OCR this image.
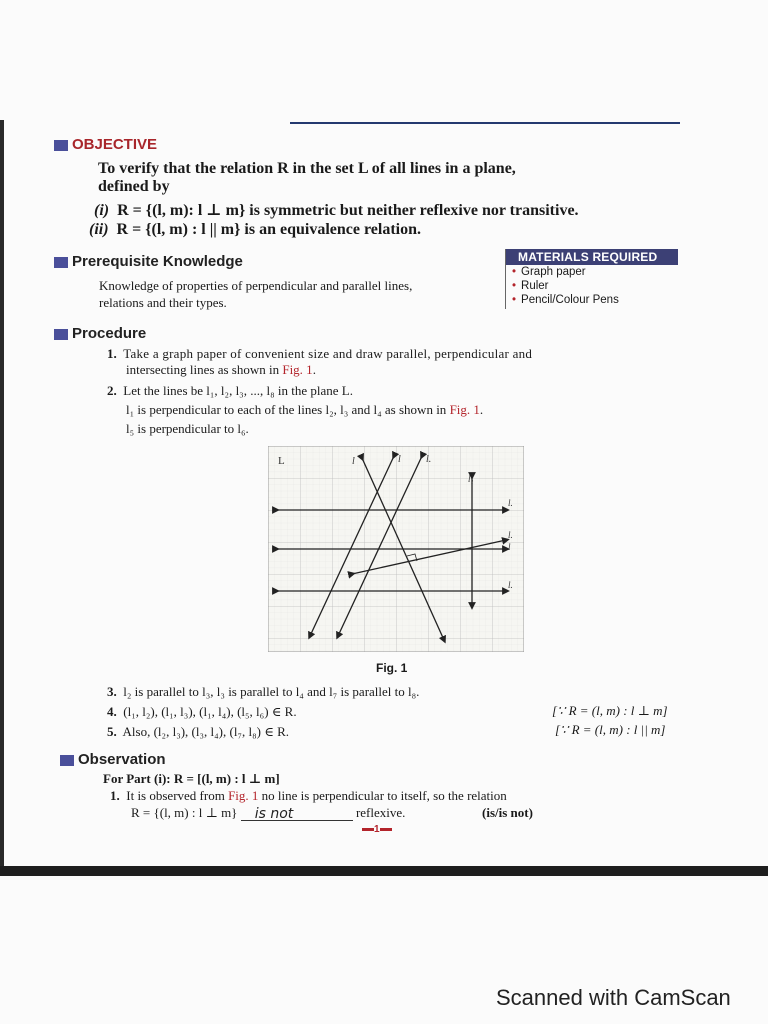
OBJECTIVE
To verify that the relation R in the set L of all lines in a plane,
defined by
(i) R = {(l, m): l ⊥ m} is symmetric but neither reflexive nor transitive.
(ii) R = {(l, m) : l || m} is an equivalence relation.
Prerequisite Knowledge
Knowledge of properties of perpendicular and parallel lines,
relations and their types.
MATERIALS REQUIRED
• Graph paper
• Ruler
• Pencil/Colour Pens
Procedure
1. Take a graph paper of convenient size and draw parallel, perpendicular and
intersecting lines as shown in Fig. 1.
2. Let the lines be l₁, l₂, l₃, ..., l₈ in the plane L.
l₁ is perpendicular to each of the lines l₂, l₃ and l₄ as shown in Fig. 1.
l₅ is perpendicular to l₆.
L	l	l	l.
l₁
l.
l.
l
l.
Fig. 1
3. l₂ is parallel to l₃, l₃ is parallel to l₄ and l₇ is parallel to l₈.
4. (l₁, l₂), (l₁, l₃), (l₁, l₄), (l₅, l₆) ∈ R.	[∵ R = (l, m) : l ⊥ m]
5. Also, (l₂, l₃), (l₃, l₄), (l₇, l₈) ∈ R.	[∵ R = (l, m) : l || m]
Observation
For Part (i): R = [(l, m) : l ⊥ m]
1. It is observed from Fig. 1 no line is perpendicular to itself, so the relation
R = {(l, m) : l ⊥ m} is not	reflexive.	(is/is not)
1
Scanned with CamScan
